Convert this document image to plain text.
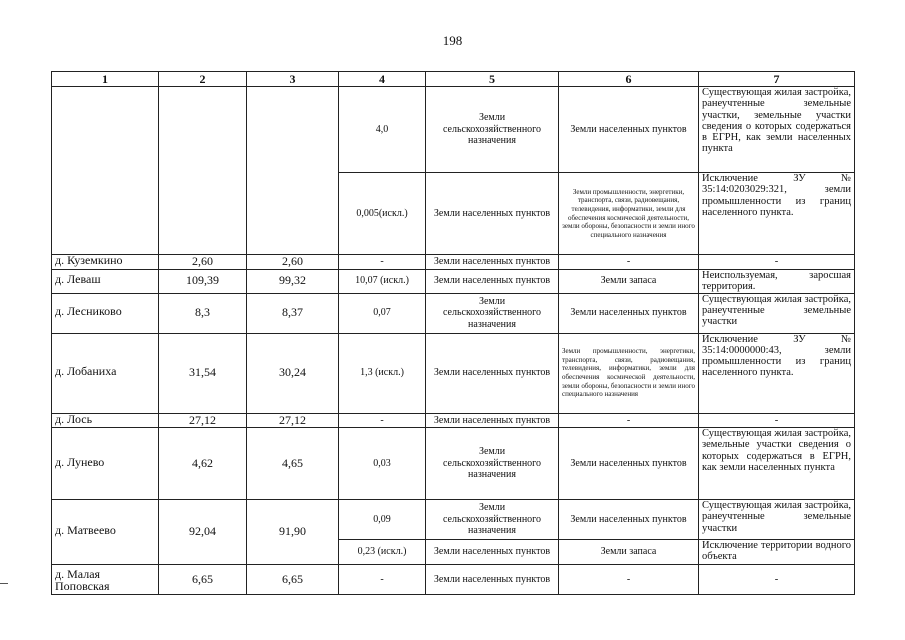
198
1	2	3	4	5	6	7
			4,0	Земли сельскохозяйственного назначения	Земли населенных пунктов	Существующая жилая застройка, ранеучтенные земельные участки, земельные участки сведения о которых содержаться в ЕГРН, как земли населенных пункта
			0,005(искл.)	Земли населенных пунктов	Земли промышленности, энергетики, транспорта, связи, радиовещания, телевидения, информатики, земли для обеспечения космической деятельности, земли обороны, безопасности и земли иного специального назначения	Исключение ЗУ № 35:14:0203029:321, земли промышленности из границ населенного пункта.
д. Куземкино	2,60	2,60	-	Земли населенных пунктов	-	-
д. Леваш	109,39	99,32	10,07 (искл.)	Земли населенных пунктов	Земли запаса	Неиспользуемая, заросшая территория.
д. Лесниково	8,3	8,37	0,07	Земли сельскохозяйственного назначения	Земли населенных пунктов	Существующая жилая застройка, ранеучтенные земельные участки
д. Лобаниха	31,54	30,24	1,3 (искл.)	Земли населенных пунктов	Земли промышленности, энергетики, транспорта, связи, радиовещания, телевидения, информатики, земли для обеспечения космической деятельности, земли обороны, безопасности и земли иного специального назначения	Исключение ЗУ № 35:14:0000000:43, земли промышленности из границ населенного пункта.
д. Лось	27,12	27,12	-	Земли населенных пунктов	-	-
д. Лунево	4,62	4,65	0,03	Земли сельскохозяйственного назначения	Земли населенных пунктов	Существующая жилая застройка, земельные участки сведения о которых содержаться в ЕГРН, как земли населенных пункта
д. Матвеево	92,04	91,90	0,09	Земли сельскохозяйственного назначения	Земли населенных пунктов	Существующая жилая застройка, ранеучтенные земельные участки
			0,23 (искл.)	Земли населенных пунктов	Земли запаса	Исключение территории водного объекта
д. Малая Поповская	6,65	6,65	-	Земли населенных пунктов	-	-
